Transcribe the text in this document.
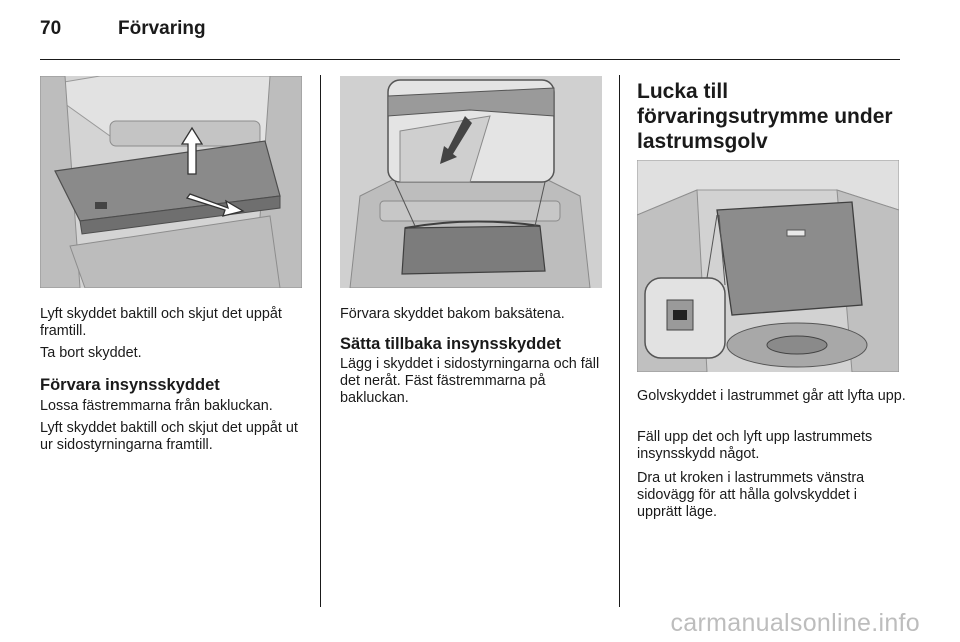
70	Förvaring

Lyft skyddet baktill och skjut det uppåt framtill.

Ta bort skyddet.

Förvara insynsskyddet

Lossa fästremmarna från bakluckan.

Lyft skyddet baktill och skjut det uppåt ut ur sidostyrningarna framtill.

Förvara skyddet bakom baksätena.

Sätta tillbaka insynsskyddet

Lägg i skyddet i sidostyrningarna och fäll det neråt. Fäst fästremmarna på bakluckan.

Lucka till
förvaringsutrymme under
lastrumsgolv

Golvskyddet i lastrummet går att lyfta upp.

Fäll upp det och lyft upp lastrummets insynsskydd något.

Dra ut kroken i lastrummets vänstra sidovägg för att hålla golvskyddet i upprätt läge.

carmanualsonline.info
